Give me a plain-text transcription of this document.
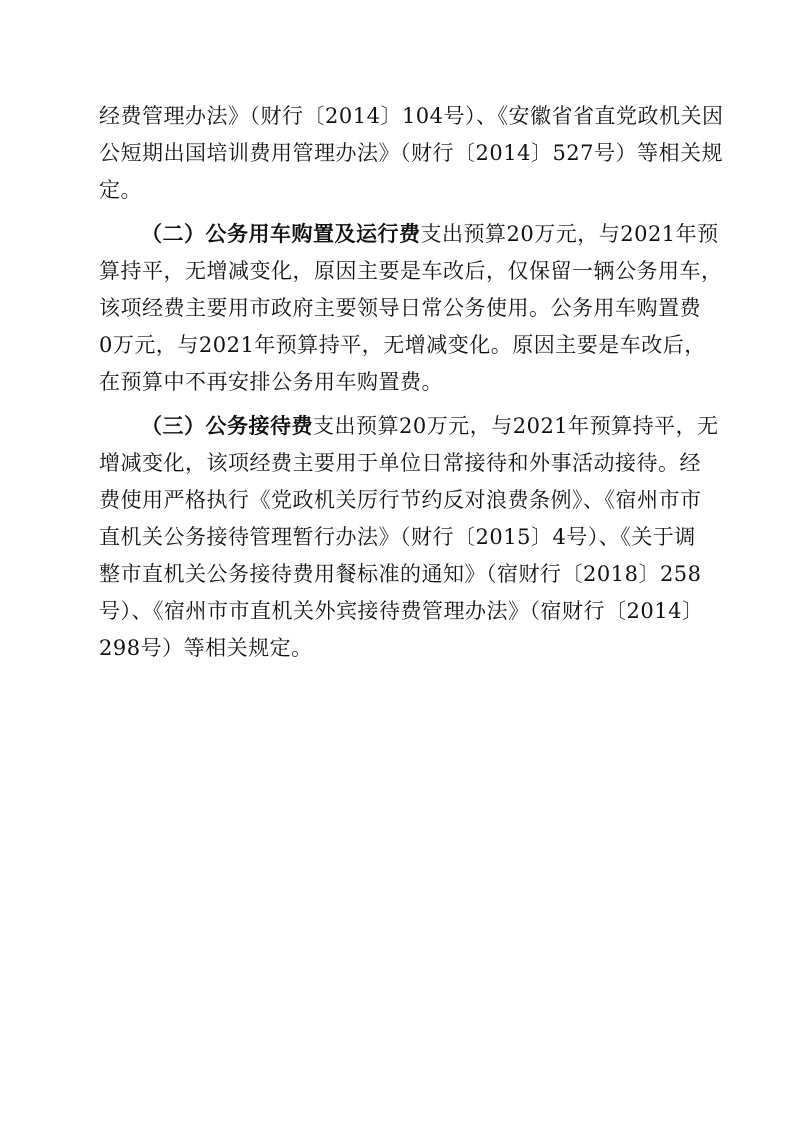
经费管理办法》（财行〔2014〕104号）、《安徽省省直党政机关因
公短期出国培训费用管理办法》（财行〔2014〕527号）等相关规
定。
（二）公务用车购置及运行费支出预算20万元，与2021年预
算持平，无增减变化，原因主要是车改后，仅保留一辆公务用车，
该项经费主要用市政府主要领导日常公务使用。公务用车购置费
0万元，与2021年预算持平，无增减变化。原因主要是车改后，
在预算中不再安排公务用车购置费。
（三）公务接待费支出预算20万元，与2021年预算持平，无
增减变化，该项经费主要用于单位日常接待和外事活动接待。经
费使用严格执行《党政机关厉行节约反对浪费条例》、《宿州市市
直机关公务接待管理暂行办法》（财行〔2015〕4号）、《关于调
整市直机关公务接待费用餐标准的通知》（宿财行〔2018〕258
号）、《宿州市市直机关外宾接待费管理办法》（宿财行〔2014〕
298号）等相关规定。
